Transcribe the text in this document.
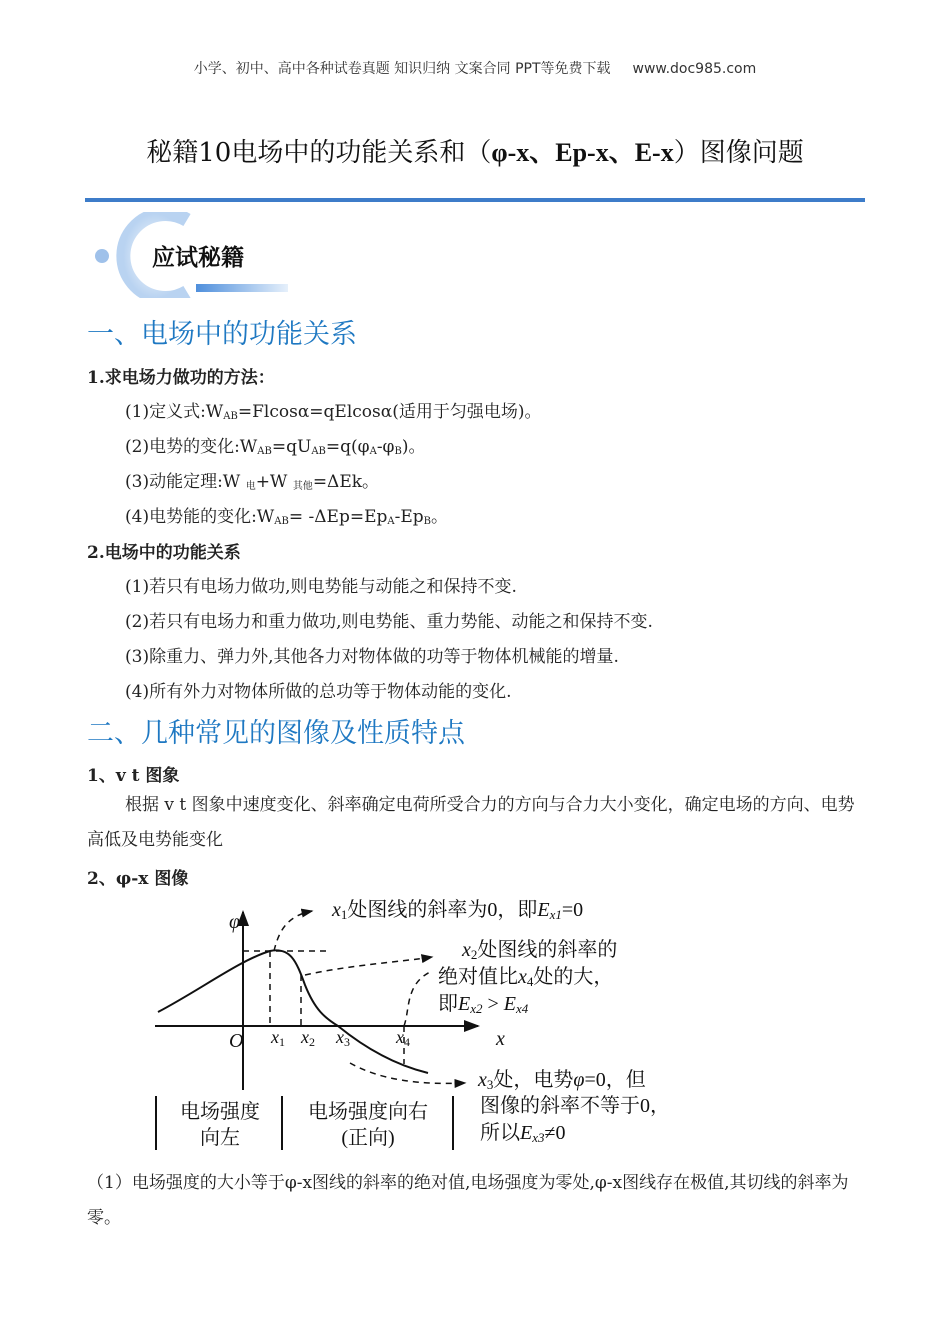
小学、初中、高中各种试卷真题 知识归纳 文案合同 PPT等免费下载 www.doc985.com
秘籍10电场中的功能关系和（φ-x、Ep-x、E-x）图像问题
应试秘籍
一、电场中的功能关系
1.求电场力做功的方法：
(1)定义式$:W_{AB}=Flcos\alpha=qElcos\alpha$(适用于匀强电场)。
(2)电势的变化$:W_{AB}=qU_{AB}=q(\varphi_A-\varphi_B)$。
(3)动能定理:W $_电$+W $_{其他}$=ΔEk。
(4)电势能的变化$:W_{AB}= -\Delta Ep=Ep_A-Ep_B$。
2.电场中的功能关系
(1)若只有电场力做功,则电势能与动能之和保持不变.
(2)若只有电场力和重力做功,则电势能、重力势能、动能之和保持不变.
(3)除重力、弹力外,其他各力对物体做的功等于物体机械能的增量.
(4)所有外力对物体所做的总功等于物体动能的变化.
二、几种常见的图像及性质特点
1、v t 图象
根据 v t 图象中速度变化、斜率确定电荷所受合力的方向与合力大小变化，确定电场的方向、电势高低及电势能变化
2、φ-x 图像
φ
O	x
x1 x2 x3	x4
x1处图线的斜率为0，即Ex1=0
x2处图线的斜率的
绝对值比x4处的大，
即Ex2 > Ex4
x3处，电势φ=0，但
图像的斜率不等于0，
所以Ex3≠0
电场强度
向左
电场强度向右
(正向)
（1）电场强度的大小等于φ-x图线的斜率的绝对值,电场强度为零处,φ-x图线存在极值,其切线的斜率为零。
